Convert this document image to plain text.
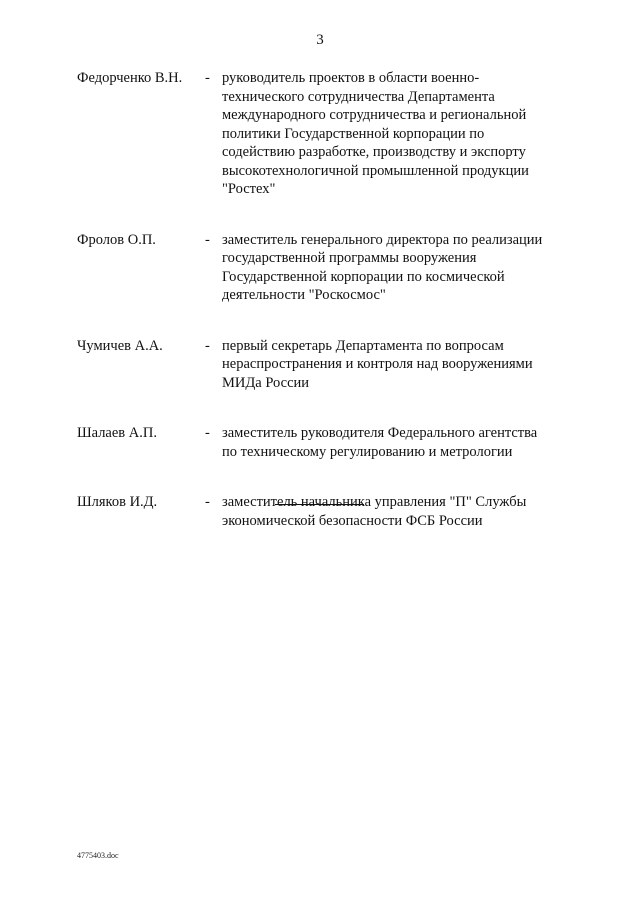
3
Федорченко В.Н.	- руководитель проектов в области военно-
технического сотрудничества Департамента
международного сотрудничества и региональной
политики Государственной корпорации по
содействию разработке, производству и экспорту
высокотехнологичной промышленной продукции
"Ростех"
Фролов О.П.	- заместитель генерального директора по реализации
государственной программы вооружения
Государственной корпорации по космической
деятельности "Роскосмос"
Чумичев А.А.	- первый секретарь Департамента по вопросам
нераспространения и контроля над вооружениями
МИДа России
Шалаев А.П.	- заместитель руководителя Федерального агентства
по техническому регулированию и метрологии
Шляков И.Д.	- заместитель начальника управления "П" Службы
экономической безопасности ФСБ России
4775403.doc
